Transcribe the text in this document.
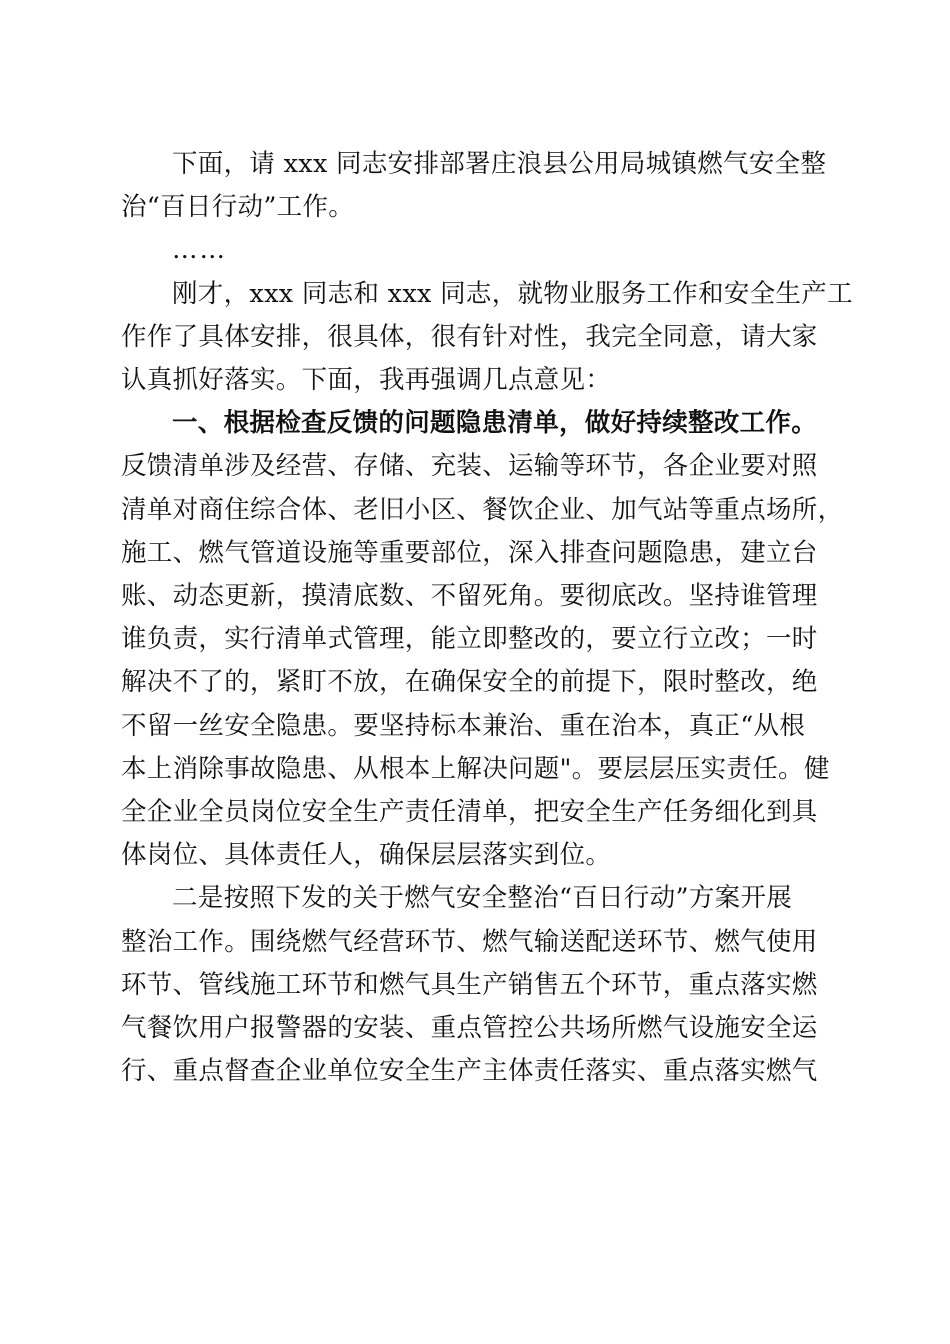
下面，请 xxx 同志安排部署庄浪县公用局城镇燃气安全整
治“百日行动”工作。
……
刚才，xxx 同志和 xxx 同志，就物业服务工作和安全生产工
作作了具体安排，很具体，很有针对性，我完全同意，请大家
认真抓好落实。下面，我再强调几点意见：
一、根据检查反馈的问题隐患清单，做好持续整改工作。
反馈清单涉及经营、存储、充装、运输等环节，各企业要对照
清单对商住综合体、老旧小区、餐饮企业、加气站等重点场所，
施工、燃气管道设施等重要部位，深入排查问题隐患，建立台
账、动态更新，摸清底数、不留死角。要彻底改。坚持谁管理
谁负责，实行清单式管理，能立即整改的，要立行立改；一时
解决不了的，紧盯不放，在确保安全的前提下，限时整改，绝
不留一丝安全隐患。要坚持标本兼治、重在治本，真正“从根
本上消除事故隐患、从根本上解决问题"。要层层压实责任。健
全企业全员岗位安全生产责任清单，把安全生产任务细化到具
体岗位、具体责任人，确保层层落实到位。
二是按照下发的关于燃气安全整治“百日行动”方案开展
整治工作。围绕燃气经营环节、燃气输送配送环节、燃气使用
环节、管线施工环节和燃气具生产销售五个环节，重点落实燃
气餐饮用户报警器的安装、重点管控公共场所燃气设施安全运
行、重点督查企业单位安全生产主体责任落实、重点落实燃气
